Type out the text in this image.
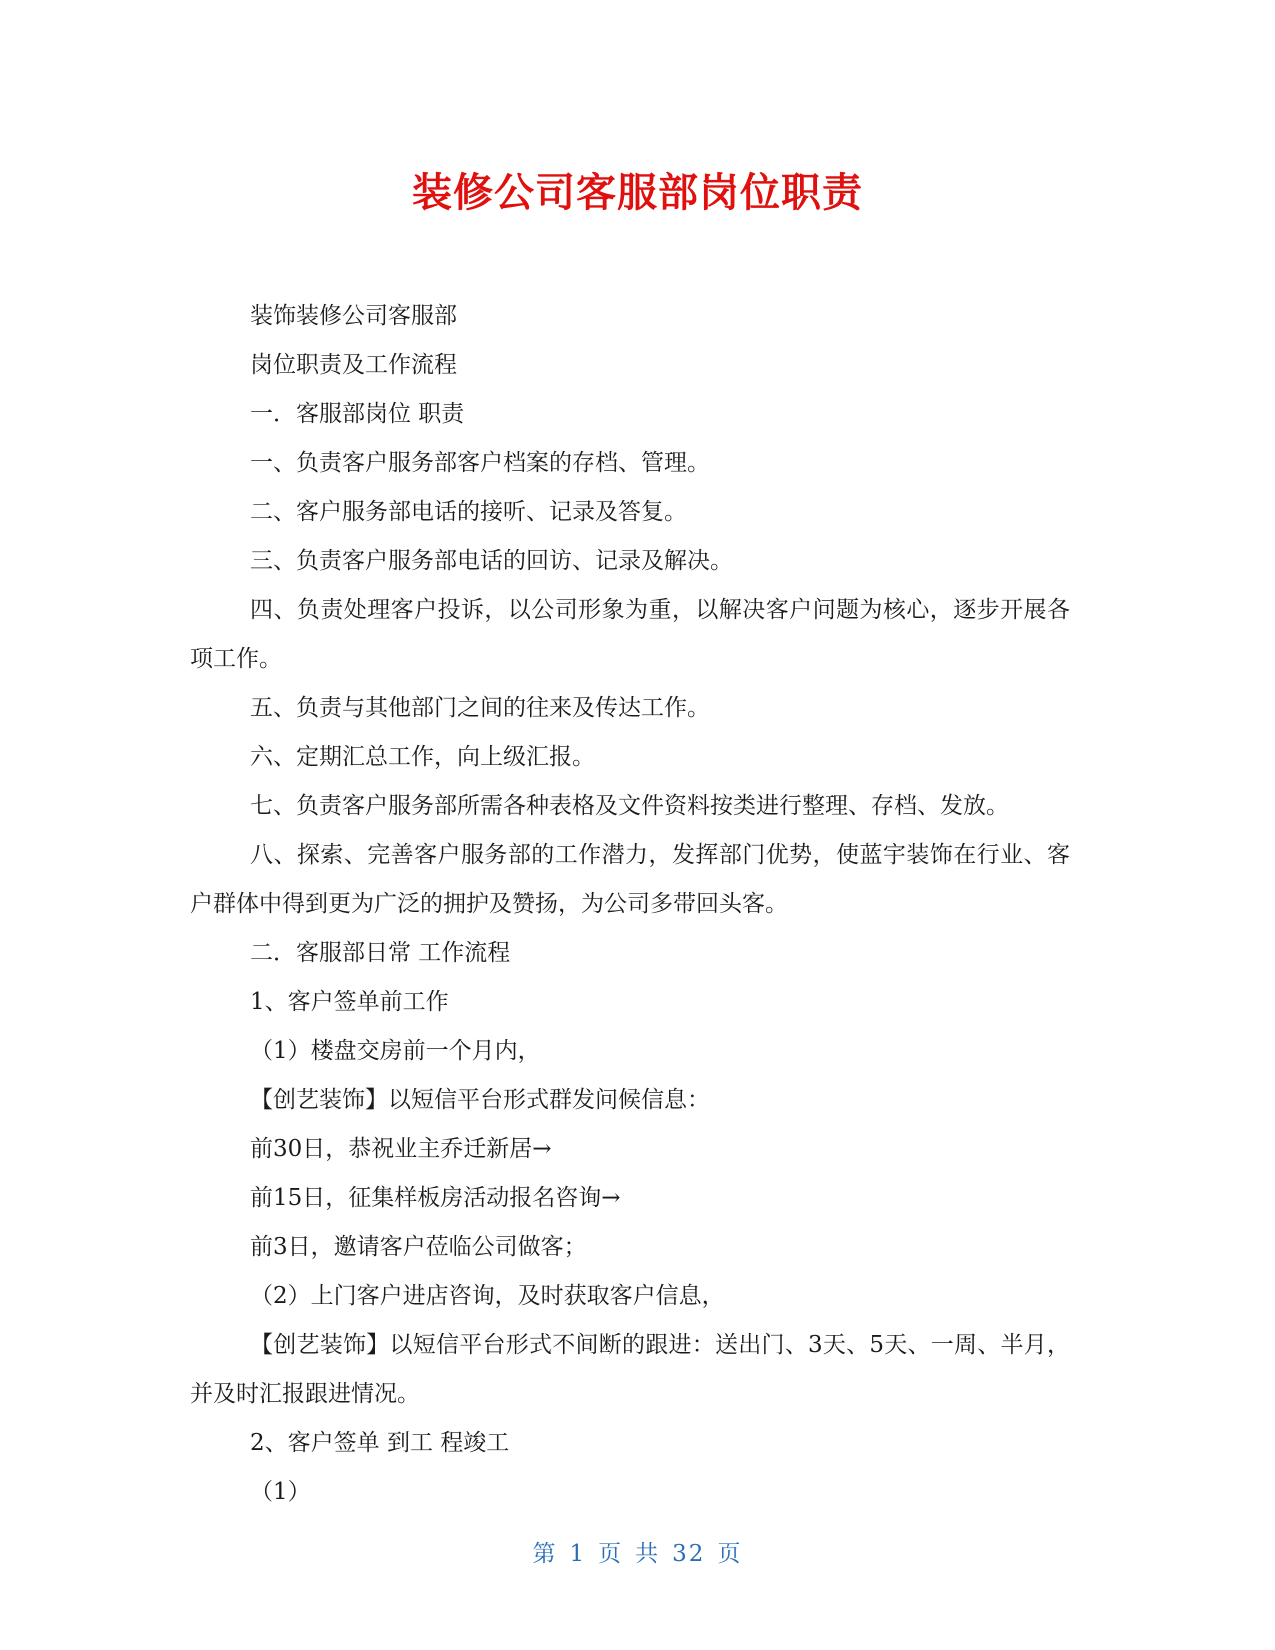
装修公司客服部岗位职责

装饰装修公司客服部

岗位职责及工作流程

一．客服部岗位 职责

一、负责客户服务部客户档案的存档、管理。

二、客户服务部电话的接听、记录及答复。

三、负责客户服务部电话的回访、记录及解决。

四、负责处理客户投诉，以公司形象为重，以解决客户问题为核心，逐步开展各项工作。

五、负责与其他部门之间的往来及传达工作。

六、定期汇总工作，向上级汇报。

七、负责客户服务部所需各种表格及文件资料按类进行整理、存档、发放。

八、探索、完善客户服务部的工作潜力，发挥部门优势，使蓝宇装饰在行业、客户群体中得到更为广泛的拥护及赞扬，为公司多带回头客。

二．客服部日常 工作流程

1、客户签单前工作

（1）楼盘交房前一个月内，

【创艺装饰】以短信平台形式群发问候信息：

前30日，恭祝业主乔迁新居→

前15日，征集样板房活动报名咨询→

前3日，邀请客户莅临公司做客；

（2）上门客户进店咨询，及时获取客户信息，

【创艺装饰】以短信平台形式不间断的跟进：送出门、3天、5天、一周、半月，并及时汇报跟进情况。

2、客户签单 到工 程竣工

（1）

第 1 页 共 32 页
